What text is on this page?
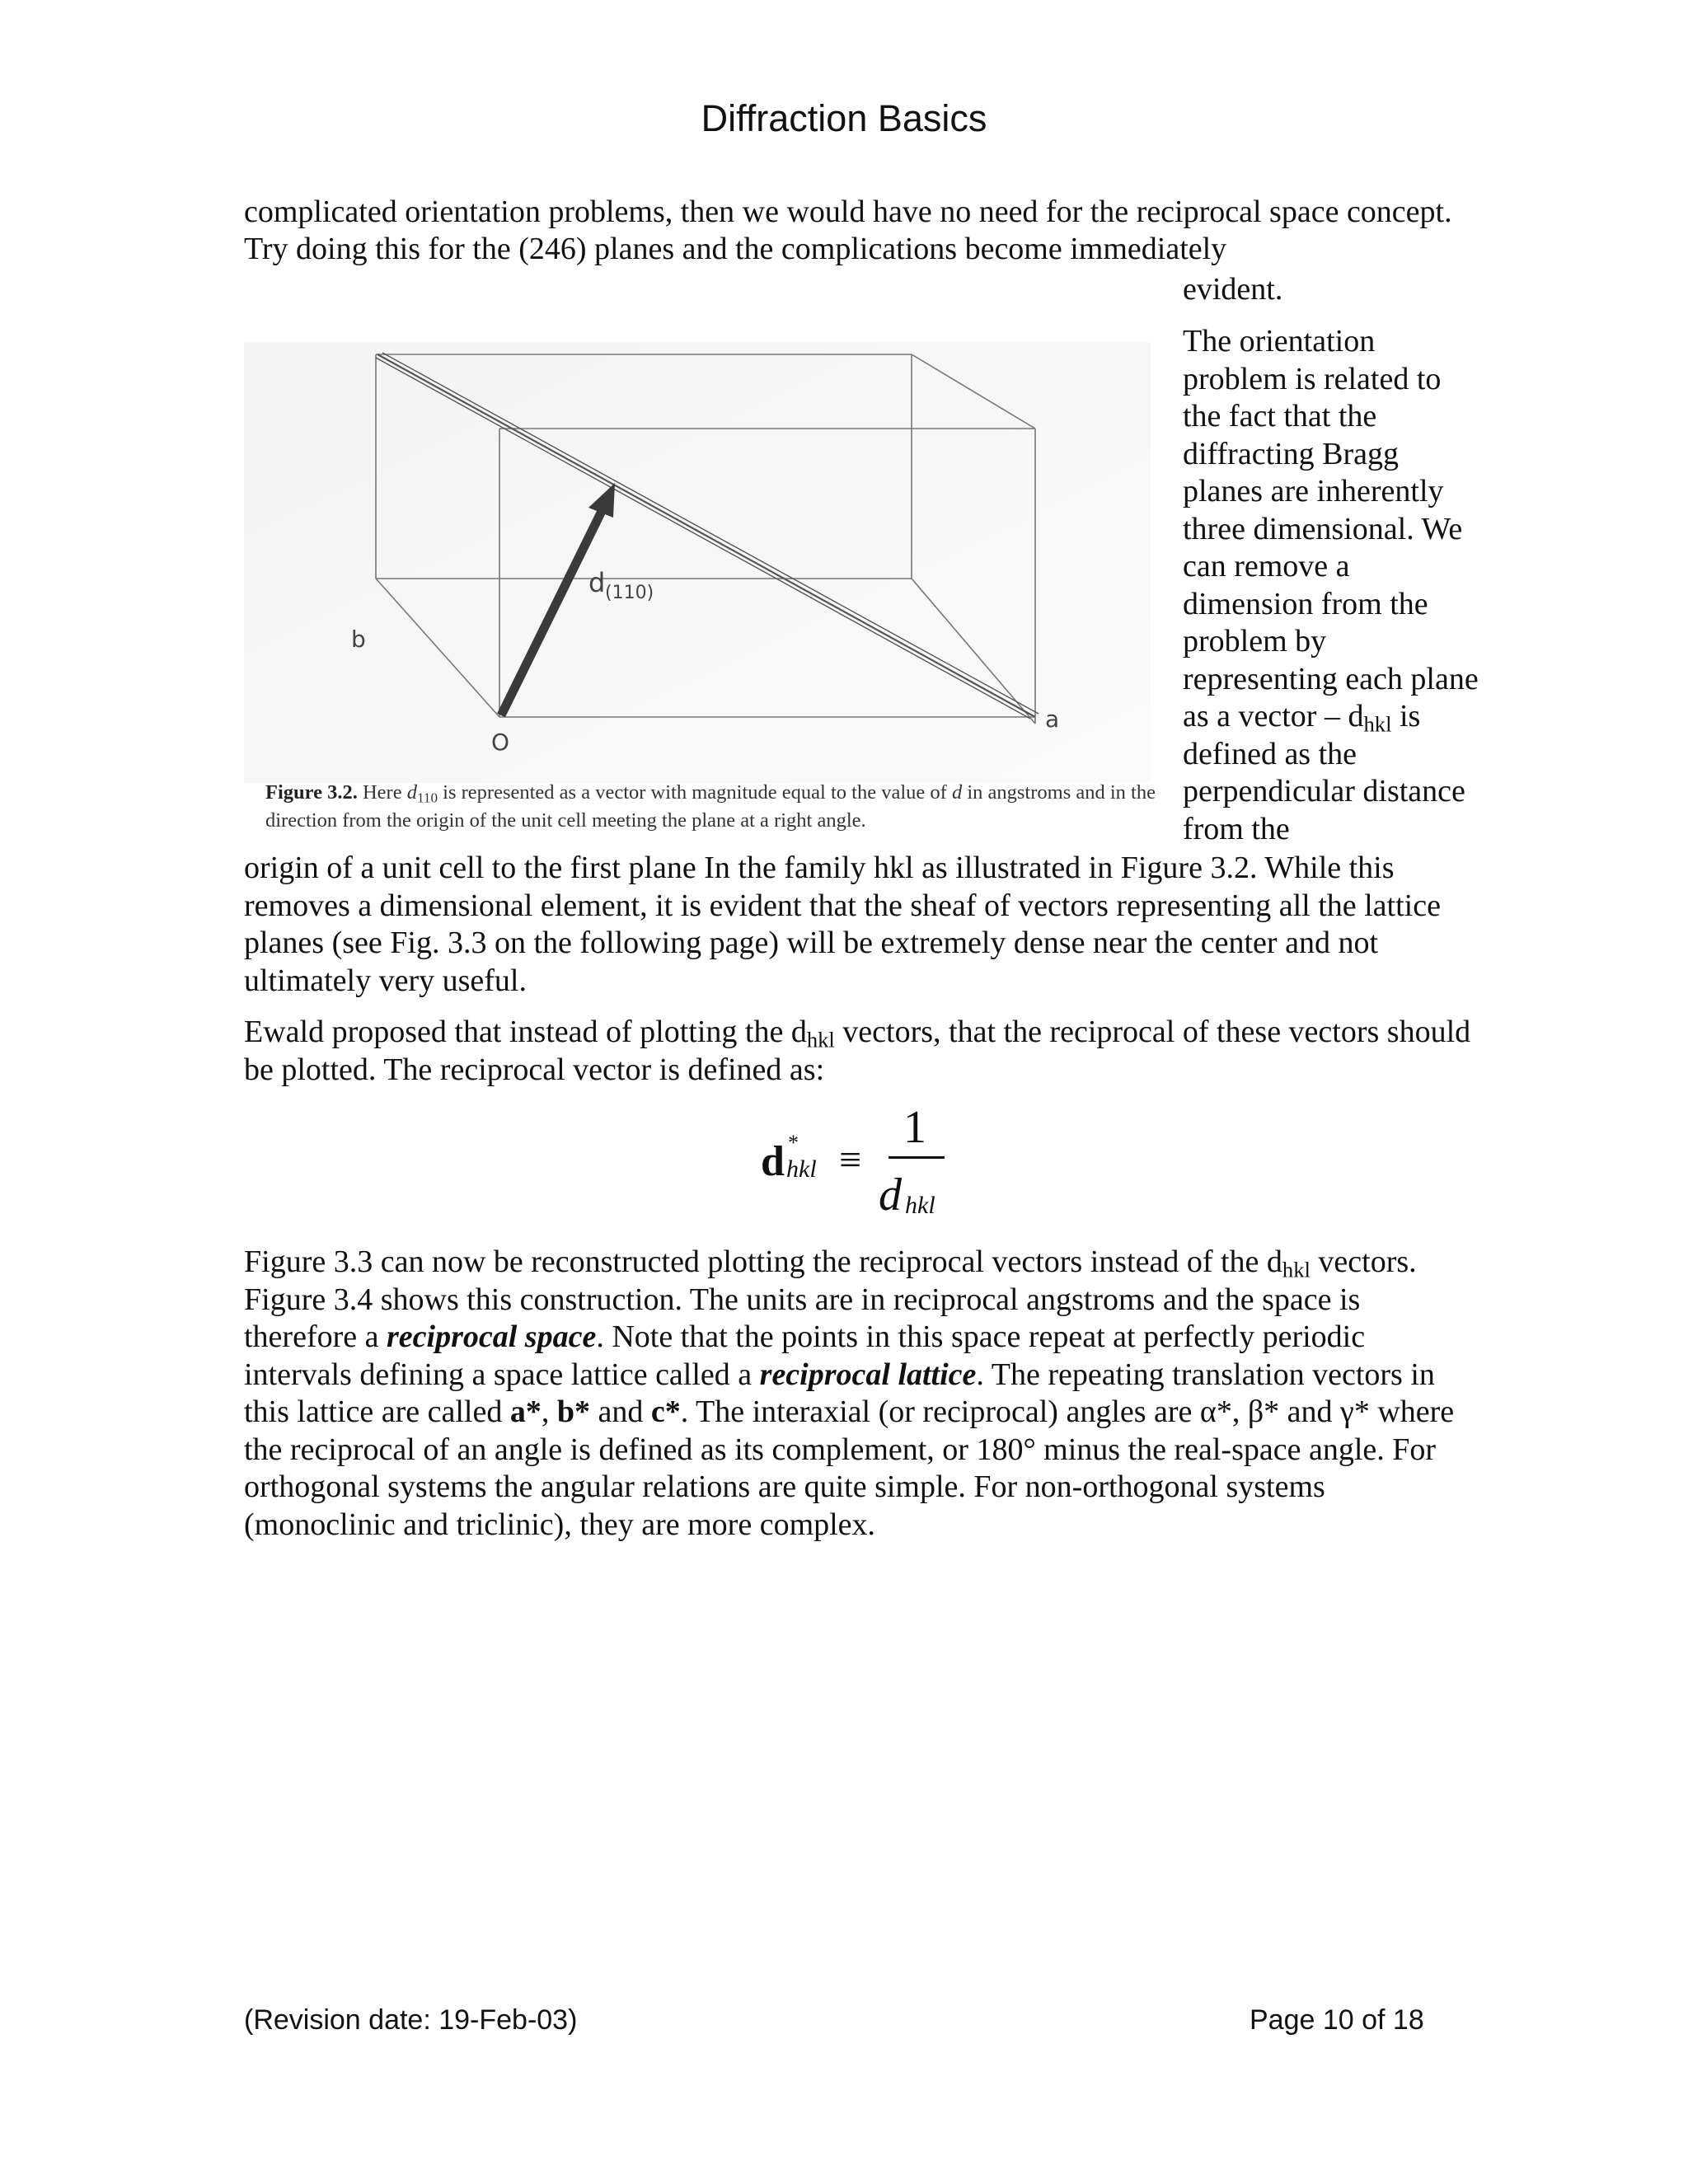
Diffraction Basics
complicated orientation problems, then we would have no need for the reciprocal space concept. Try doing this for the (246) planes and the complications become immediately
evident.
d (110)
b
a
O
Figure 3.2. Here $d_{110}$ is represented as a vector with magnitude equal to the value of d in angstroms and in the direction from the origin of the unit cell meeting the plane at a right angle.
The orientation problem is related to the fact that the diffracting Bragg planes are inherently three dimensional. We can remove a dimension from the problem by representing each plane as a vector – $d_{hkl}$ is defined as the perpendicular distance from the
origin of a unit cell to the first plane In the family hkl as illustrated in Figure 3.2. While this removes a dimensional element, it is evident that the sheaf of vectors representing all the lattice planes (see Fig. 3.3 on the following page) will be extremely dense near the center and not ultimately very useful.
Ewald proposed that instead of plotting the $d_{hkl}$ vectors, that the reciprocal of these vectors should be plotted. The reciprocal vector is defined as:
d *
hkl ≡
1
d hkl
Figure 3.3 can now be reconstructed plotting the reciprocal vectors instead of the $d_{hkl}$ vectors. Figure 3.4 shows this construction. The units are in reciprocal angstroms and the space is therefore a reciprocal space. Note that the points in this space repeat at perfectly periodic intervals defining a space lattice called a reciprocal lattice. The repeating translation vectors in this lattice are called a*, b* and c*. The interaxial (or reciprocal) angles are α*, β* and γ* where the reciprocal of an angle is defined as its complement, or 180° minus the real-space angle. For orthogonal systems the angular relations are quite simple. For non-orthogonal systems (monoclinic and triclinic), they are more complex.
(Revision date: 19-Feb-03)	Page 10 of 18
